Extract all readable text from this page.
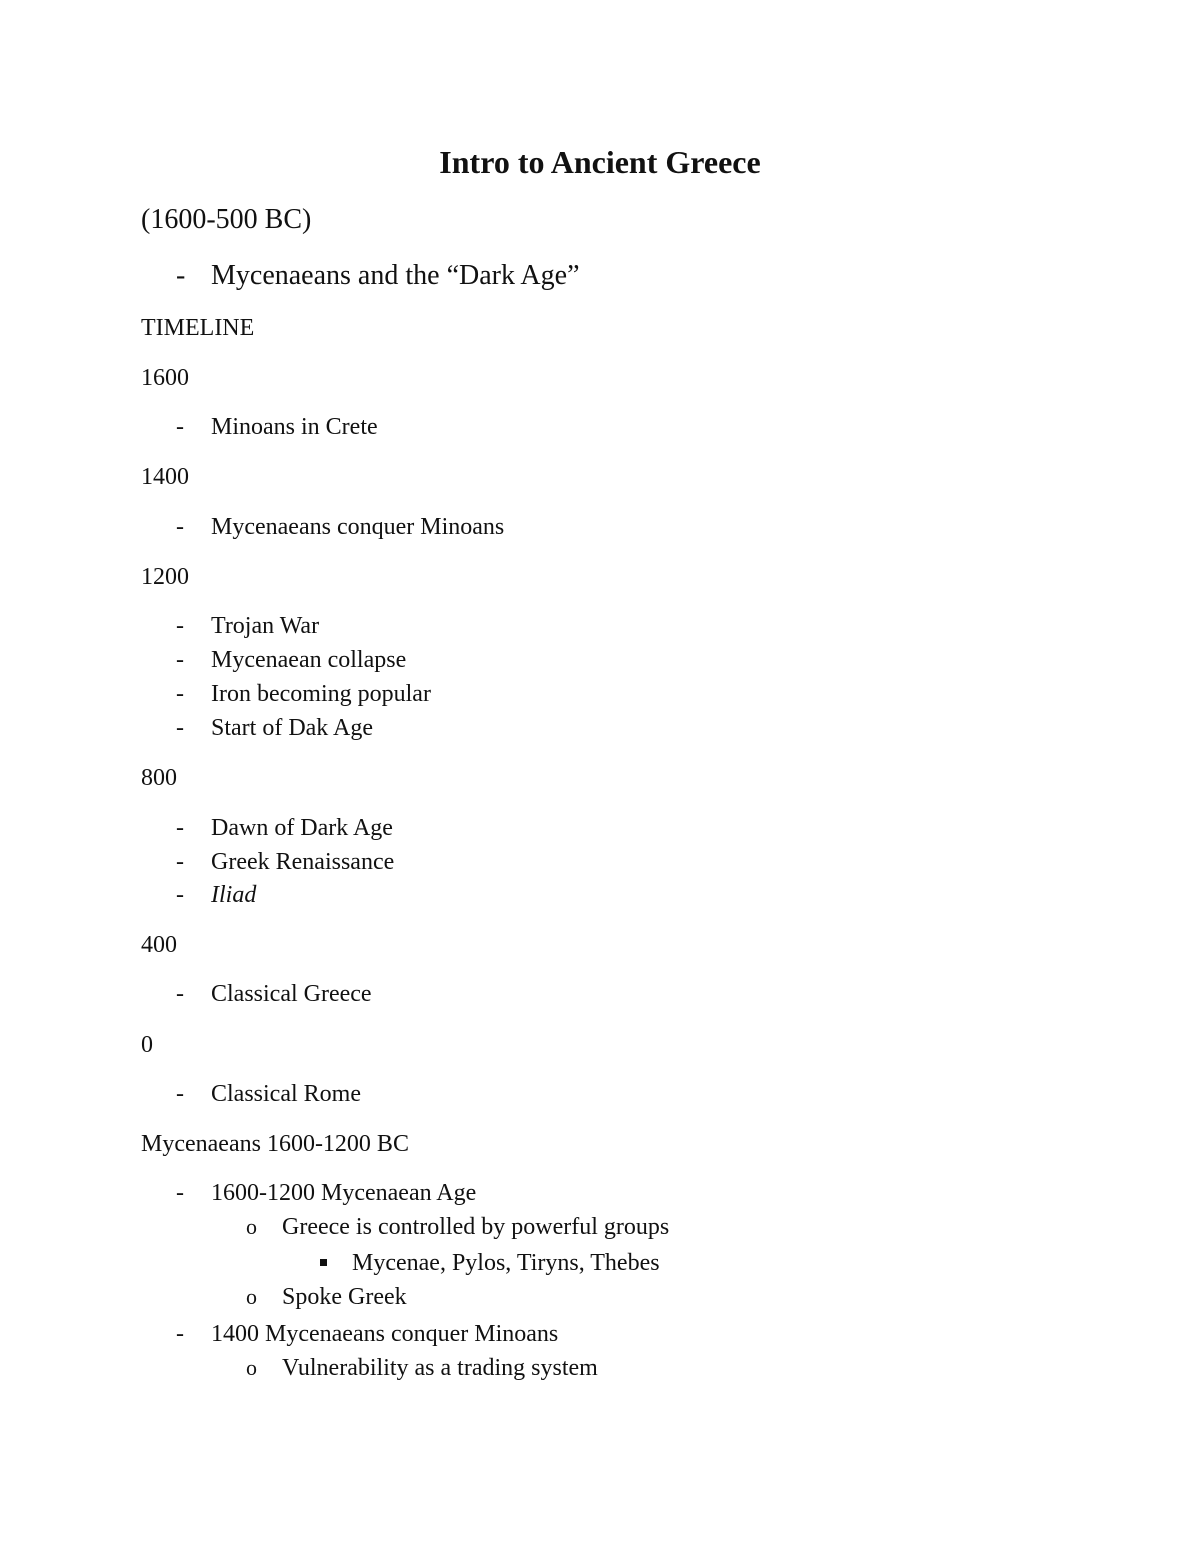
Intro to Ancient Greece
(1600-500 BC)
- Mycenaeans and the “Dark Age”
TIMELINE
1600
- Minoans in Crete
1400
- Mycenaeans conquer Minoans
1200
- Trojan War
- Mycenaean collapse
- Iron becoming popular
- Start of Dak Age
800
- Dawn of Dark Age
- Greek Renaissance
- Iliad
400
- Classical Greece
0
- Classical Rome
Mycenaeans 1600-1200 BC
- 1600-1200 Mycenaean Age
o Greece is controlled by powerful groups
Mycenae, Pylos, Tiryns, Thebes
o Spoke Greek
- 1400 Mycenaeans conquer Minoans
o Vulnerability as a trading system
